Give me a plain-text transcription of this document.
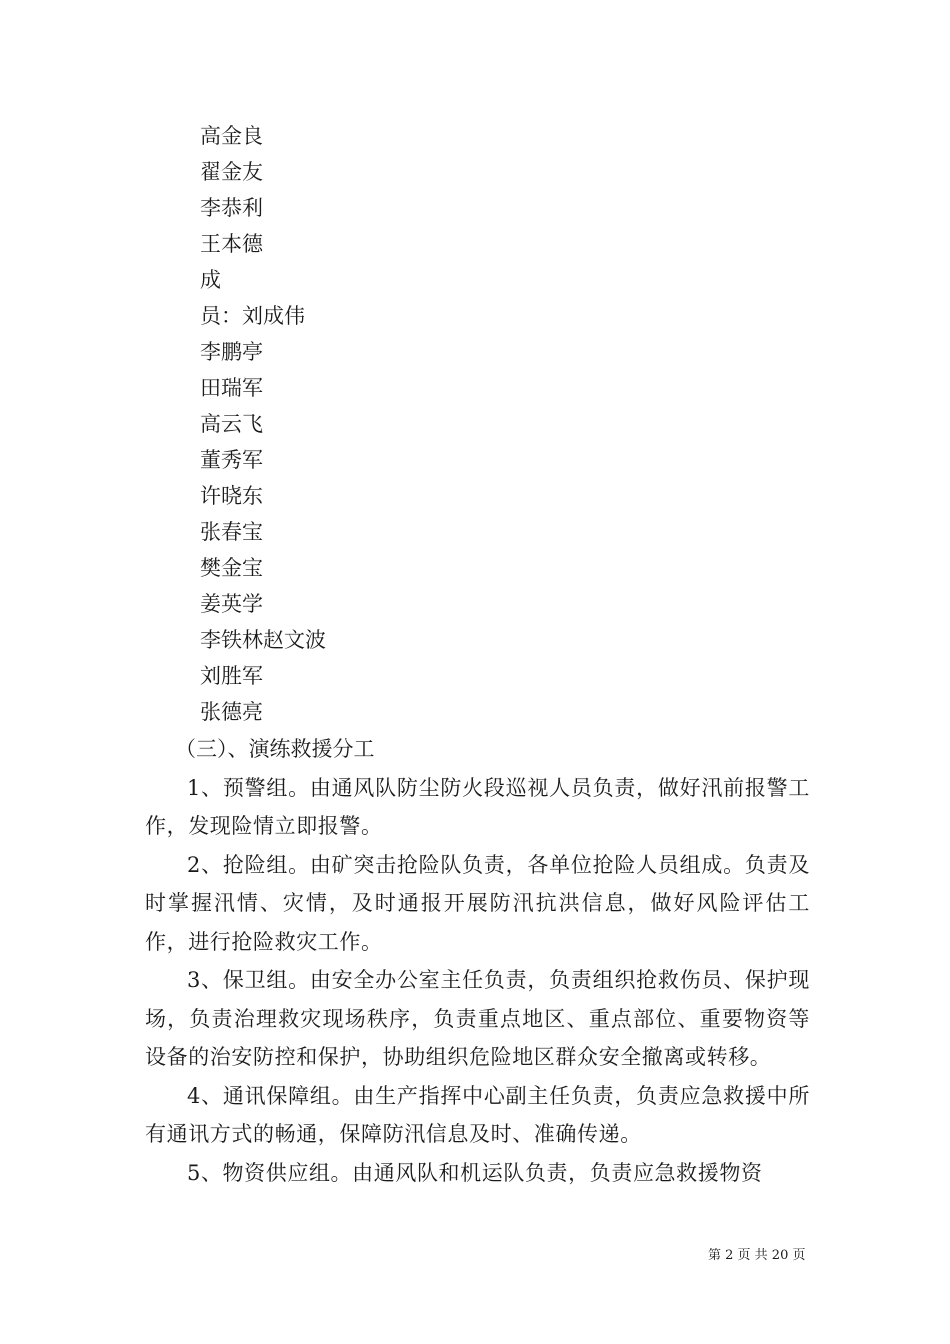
高金良
翟金友
李恭利
王本德
成
员：刘成伟
李鹏亭
田瑞军
高云飞
董秀军
许晓东
张春宝
樊金宝
姜英学
李铁林赵文波
刘胜军
张德亮

（三）、演练救援分工

1、预警组。由通风队防尘防火段巡视人员负责，做好汛前报警工作，发现险情立即报警。

2、抢险组。由矿突击抢险队负责，各单位抢险人员组成。负责及时掌握汛情、灾情，及时通报开展防汛抗洪信息，做好风险评估工作，进行抢险救灾工作。

3、保卫组。由安全办公室主任负责，负责组织抢救伤员、保护现场，负责治理救灾现场秩序，负责重点地区、重点部位、重要物资等设备的治安防控和保护，协助组织危险地区群众安全撤离或转移。

4、通讯保障组。由生产指挥中心副主任负责，负责应急救援中所有通讯方式的畅通，保障防汛信息及时、准确传递。

5、物资供应组。由通风队和机运队负责，负责应急救援物资

第 2 页 共 20 页
